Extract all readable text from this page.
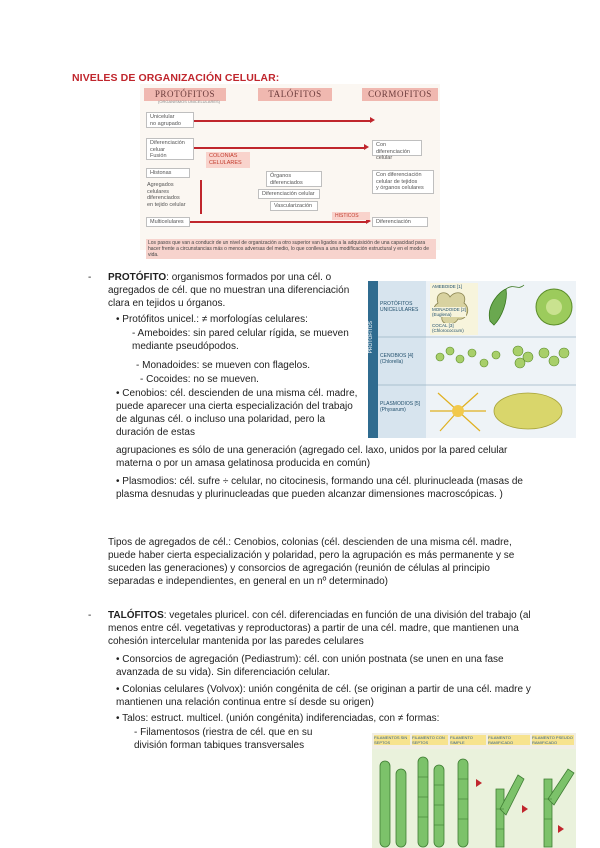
NIVELES DE ORGANIZACIÓN CELULAR:
PROTÓFITOS
(ORGANISMOS UNICELULARES)
TALÓFITOS	CORMOFITOS
Unicelular
no agrupado
Diferenciación
celuar
Fusión	COLONIAS
CELULARES
Con diferenciación
celular
Histonas
Agregados celulares
diferenciados
en tejido celular
Órganos
diferenciados
Diferenciación celular
Vascularización
Con diferenciación
celular de tejidos
y órganos celulares
Multicelulares
HISTICOS
Diferenciación
Los pasos que van a conducir de un nivel de organización a otro superior van ligados a la adquisición de una capacidad para hacer frente a circunstancias más o menos adversas del medio, lo que conlleva a una modificación estructural y en el modo de vida.
-	PROTÓFITO: organismos formados por una cél. o agregados de cél. que no muestran una diferenciación clara en tejidos u órganos.
• Protófitos unicel.: ≠ morfologías celulares:
- Ameboides: sin pared celular rígida, se mueven mediante pseudópodos.
- Monadoides: se mueven con flagelos.
- Cocoides: no se mueven.
• Cenobios: cél. descienden de una misma cél. madre, puede aparecer una cierta especialización del trabajo de algunas cél. o incluso una polaridad, pero la duración de estas
agrupaciones es sólo de una generación (agregado cel. laxo, unidos por la pared celular materna o por un amasa gelatinosa producida en común)
• Plasmodios: cél. sufre ÷ celular, no citocinesis, formando una cél. plurinucleada (masas de plasma desnudas y plurinucleadas que pueden alcanzar dimensiones macroscópicas. )
PROTÓFITOS
PROTÓFITOS
UNICELULARES
CENOBIOS [4]
(Chlorella)
PLASMODIOS [5]
(Physarum)
AMEBOIDE [1]
MONADOIDE [2]
(Euglena)
COCAL [3]
(Chlorococcum)
Tipos de agregados de cél.: Cenobios, colonias (cél. descienden de una misma cél. madre, puede haber cierta especialización y polaridad, pero la agrupación es más permanente y se suceden las generaciones) y consorcios de agregación (reunión de células al principio separadas e independientes, en general en un nº determinado)
-	TALÓFITOS: vegetales pluricel. con cél. diferenciadas en función de una división del trabajo (al menos entre cél. vegetativas y reproductoras) a partir de una cél. madre, que mantienen una cohesión intercelular mantenida por las paredes celulares
• Consorcios de agregación (Pediastrum): cél. con unión postnata (se unen en una fase avanzada de su vida). Sin diferenciación celular.
• Colonias celulares (Volvox): unión congénita de cél. (se originan a partir de una cél. madre y mantienen una relación continua entre sí desde su origen)
• Talos: estruct. multicel. (unión congénita) indiferenciadas, con ≠ formas:
- Filamentosos (riestra de cél. que en su división forman tabiques transversales
FILAMENTOS SIN SEPTOS
FILAMENTO CON SEPTOS
FILAMENTO SIMPLE
FILAMENTO RAMIFICADO
FILAMENTO PSEUDO RAMIFICADO
